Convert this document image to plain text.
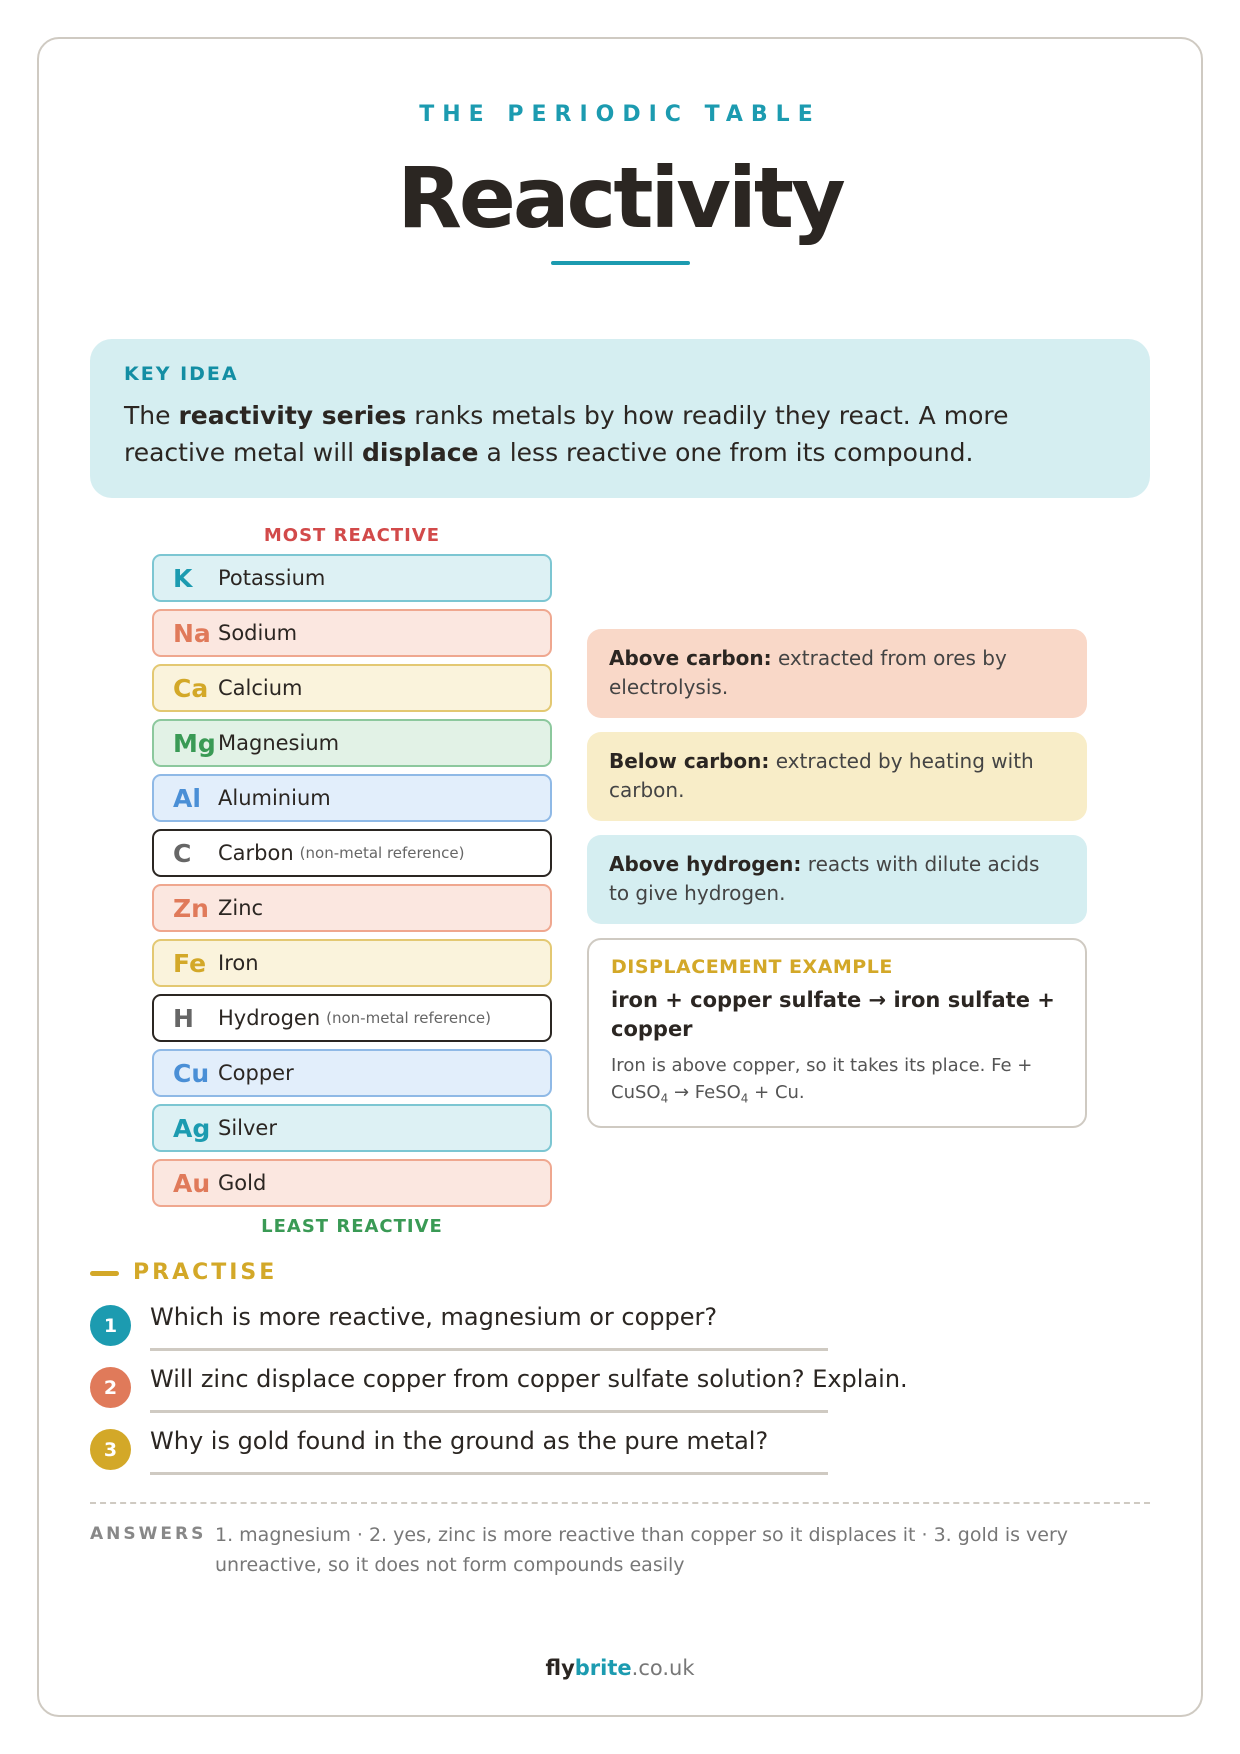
THE PERIODIC TABLE
Reactivity
KEY IDEA
The reactivity series ranks metals by how readily they react. A more reactive metal will displace a less reactive one from its compound.
MOST REACTIVE
K	Potassium
Na Sodium
Ca Calcium
Mg Magnesium
Al Aluminium
C	Carbon (non-metal reference)
Zn Zinc
Fe Iron
H	Hydrogen (non-metal reference)
Cu Copper
Ag Silver
Au Gold
LEAST REACTIVE
Above carbon: extracted from ores by electrolysis.
Below carbon: extracted by heating with carbon.
Above hydrogen: reacts with dilute acids to give hydrogen.
DISPLACEMENT EXAMPLE
iron + copper sulfate → iron sulfate + copper
Iron is above copper, so it takes its place. Fe + CuSO$_4$ → FeSO$_4$ + Cu.
PRACTISE
1	Which is more reactive, magnesium or copper?
2	Will zinc displace copper from copper sulfate solution? Explain.
3	Why is gold found in the ground as the pure metal?
ANSWERS 1. magnesium · 2. yes, zinc is more reactive than copper so it displaces it · 3. gold is very unreactive, so it does not form compounds easily
flybrite.co.uk
